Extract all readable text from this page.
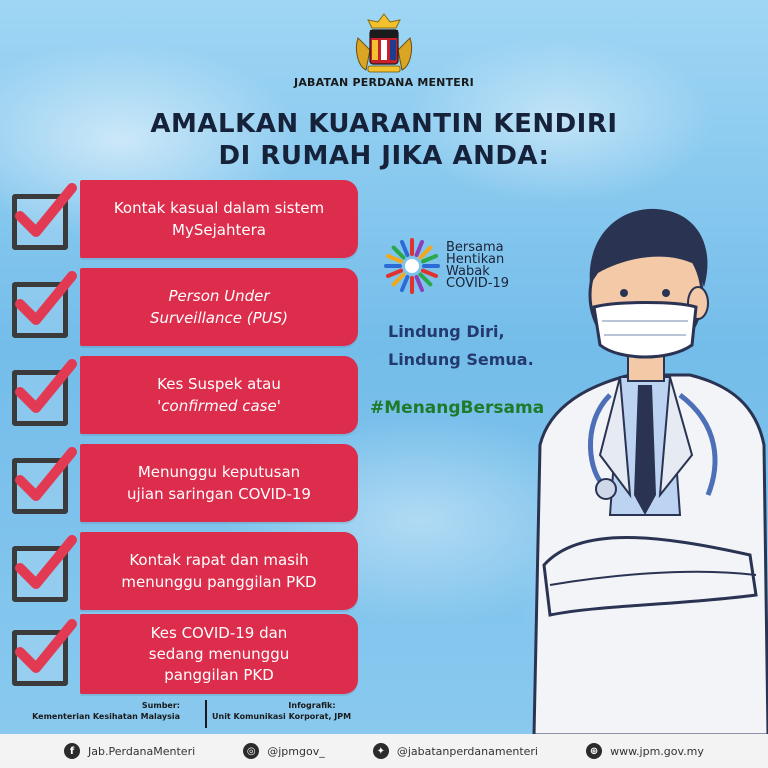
JABATAN PERDANA MENTERI
AMALKAN KUARANTIN KENDIRI
DI RUMAH JIKA ANDA:
Kontak kasual dalam sistem
MySejahtera
Person Under
Surveillance (PUS)
Kes Suspek atau
'confirmed case'
Menunggu keputusan
ujian saringan COVID-19
Kontak rapat dan masih
menunggu panggilan PKD
Kes COVID-19 dan
sedang menunggu
panggilan PKD
Bersama
Hentikan
Wabak
COVID-19
Lindung Diri,
Lindung Semua.
#MenangBersama
Sumber:
Kementerian Kesihatan Malaysia
Infografik:
Unit Komunikasi Korporat, JPM
f	Jab.PerdanaMenteri	◎	@jpmgov_	✦	@jabatanperdanamenteri	⊕	www.jpm.gov.my
